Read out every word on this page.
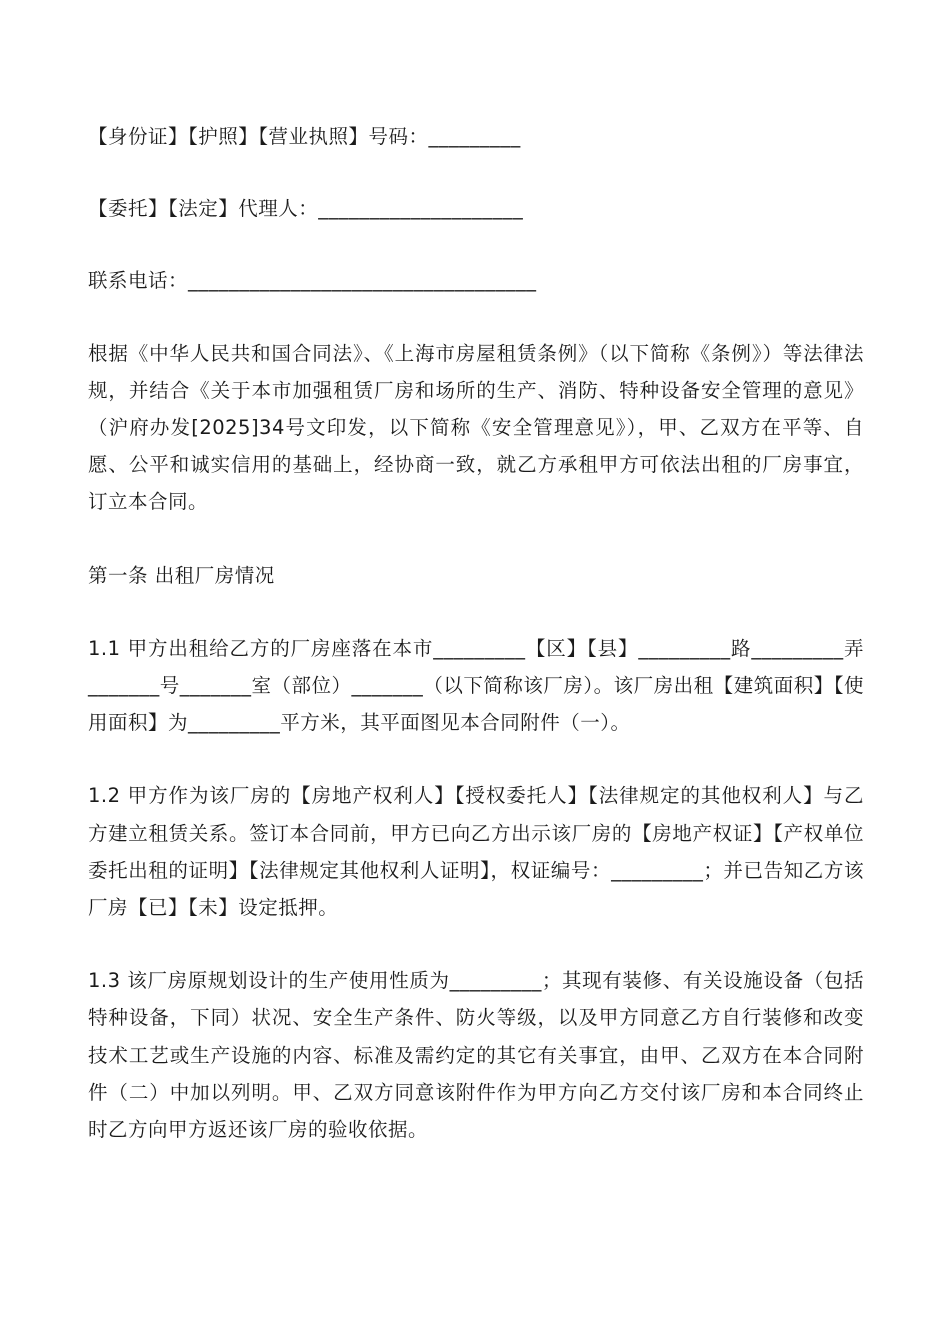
【身份证】【护照】【营业执照】号码：_________

【委托】【法定】代理人：____________________

联系电话：__________________________________

根据《中华人民共和国合同法》、《上海市房屋租赁条例》（以下简称《条例》）等法律法规，并结合《关于本市加强租赁厂房和场所的生产、消防、特种设备安全管理的意见》（沪府办发[2025]34号文印发，以下简称《安全管理意见》），甲、乙双方在平等、自愿、公平和诚实信用的基础上，经协商一致，就乙方承租甲方可依法出租的厂房事宜，订立本合同。

第一条 出租厂房情况

1.1 甲方出租给乙方的厂房座落在本市_________【区】【县】_________路_________弄_______号_______室（部位）_______（以下简称该厂房）。该厂房出租【建筑面积】【使用面积】为_________平方米，其平面图见本合同附件（一）。

1.2 甲方作为该厂房的【房地产权利人】【授权委托人】【法律规定的其他权利人】与乙方建立租赁关系。签订本合同前，甲方已向乙方出示该厂房的【房地产权证】【产权单位委托出租的证明】【法律规定其他权利人证明】，权证编号：_________；并已告知乙方该厂房【已】【未】设定抵押。

1.3 该厂房原规划设计的生产使用性质为_________；其现有装修、有关设施设备（包括特种设备，下同）状况、安全生产条件、防火等级，以及甲方同意乙方自行装修和改变技术工艺或生产设施的内容、标准及需约定的其它有关事宜，由甲、乙双方在本合同附件（二）中加以列明。甲、乙双方同意该附件作为甲方向乙方交付该厂房和本合同终止时乙方向甲方返还该厂房的验收依据。
